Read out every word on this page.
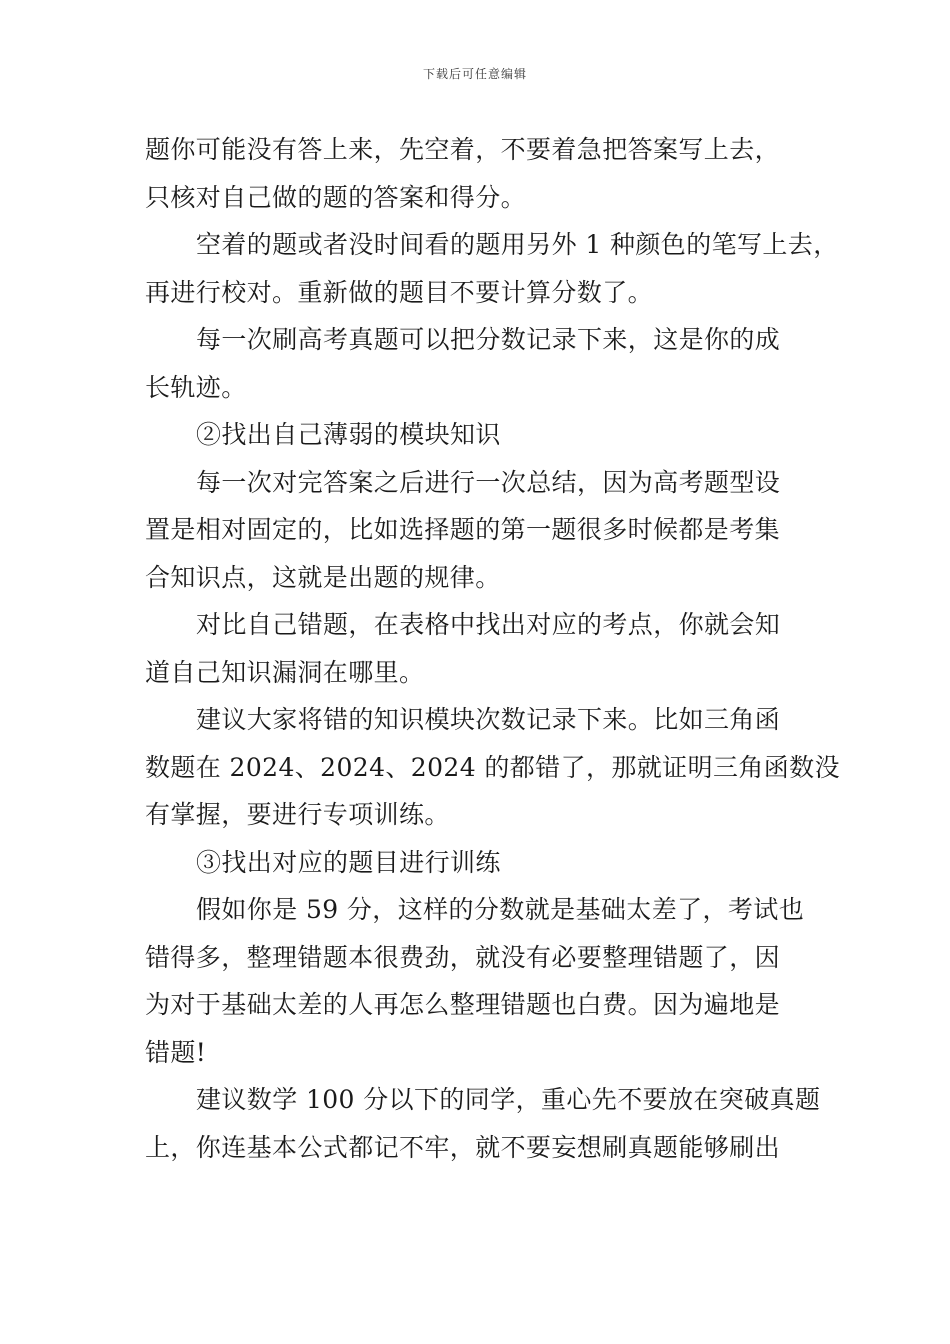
下载后可任意编辑
题你可能没有答上来，先空着，不要着急把答案写上去，
只核对自己做的题的答案和得分。
空着的题或者没时间看的题用另外 1 种颜色的笔写上去，
再进行校对。重新做的题目不要计算分数了。
每一次刷高考真题可以把分数记录下来，这是你的成
长轨迹。
②找出自己薄弱的模块知识
每一次对完答案之后进行一次总结，因为高考题型设
置是相对固定的，比如选择题的第一题很多时候都是考集
合知识点，这就是出题的规律。
对比自己错题，在表格中找出对应的考点，你就会知
道自己知识漏洞在哪里。
建议大家将错的知识模块次数记录下来。比如三角函
数题在 2024、2024、2024 的都错了，那就证明三角函数没
有掌握，要进行专项训练。
③找出对应的题目进行训练
假如你是 59 分，这样的分数就是基础太差了，考试也
错得多，整理错题本很费劲，就没有必要整理错题了，因
为对于基础太差的人再怎么整理错题也白费。因为遍地是
错题!
建议数学 100 分以下的同学，重心先不要放在突破真题
上，你连基本公式都记不牢，就不要妄想刷真题能够刷出
